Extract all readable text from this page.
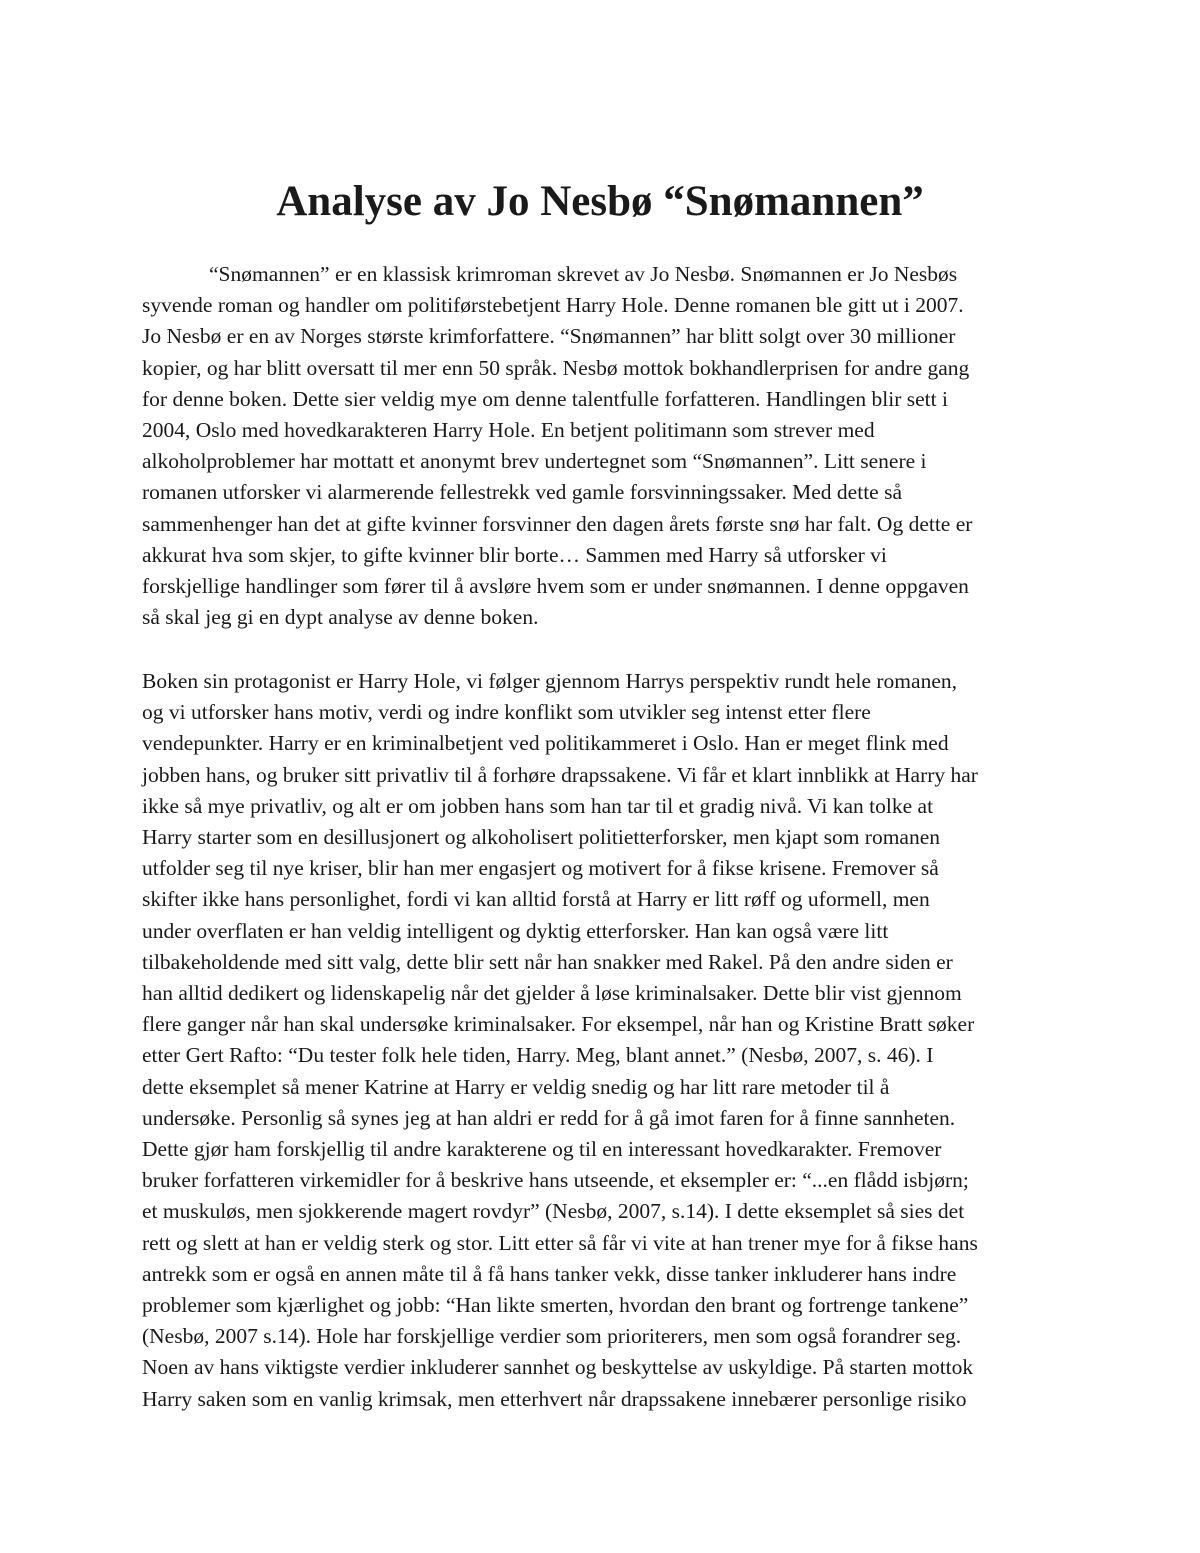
Analyse av Jo Nesbø “Snømannen”

“Snømannen” er en klassisk krimroman skrevet av Jo Nesbø. Snømannen er Jo Nesbøs
syvende roman og handler om politiførstebetjent Harry Hole. Denne romanen ble gitt ut i 2007.
Jo Nesbø er en av Norges største krimforfattere. “Snømannen” har blitt solgt over 30 millioner
kopier, og har blitt oversatt til mer enn 50 språk. Nesbø mottok bokhandlerprisen for andre gang
for denne boken. Dette sier veldig mye om denne talentfulle forfatteren. Handlingen blir sett i
2004, Oslo med hovedkarakteren Harry Hole. En betjent politimann som strever med
alkoholproblemer har mottatt et anonymt brev undertegnet som “Snømannen”. Litt senere i
romanen utforsker vi alarmerende fellestrekk ved gamle forsvinningssaker. Med dette så
sammenhenger han det at gifte kvinner forsvinner den dagen årets første snø har falt. Og dette er
akkurat hva som skjer, to gifte kvinner blir borte… Sammen med Harry så utforsker vi
forskjellige handlinger som fører til å avsløre hvem som er under snømannen. I denne oppgaven
så skal jeg gi en dypt analyse av denne boken.

Boken sin protagonist er Harry Hole, vi følger gjennom Harrys perspektiv rundt hele romanen,
og vi utforsker hans motiv, verdi og indre konflikt som utvikler seg intenst etter flere
vendepunkter. Harry er en kriminalbetjent ved politikammeret i Oslo. Han er meget flink med
jobben hans, og bruker sitt privatliv til å forhøre drapssakene. Vi får et klart innblikk at Harry har
ikke så mye privatliv, og alt er om jobben hans som han tar til et gradig nivå. Vi kan tolke at
Harry starter som en desillusjonert og alkoholisert politietterforsker, men kjapt som romanen
utfolder seg til nye kriser, blir han mer engasjert og motivert for å fikse krisene. Fremover så
skifter ikke hans personlighet, fordi vi kan alltid forstå at Harry er litt røff og uformell, men
under overflaten er han veldig intelligent og dyktig etterforsker. Han kan også være litt
tilbakeholdende med sitt valg, dette blir sett når han snakker med Rakel. På den andre siden er
han alltid dedikert og lidenskapelig når det gjelder å løse kriminalsaker. Dette blir vist gjennom
flere ganger når han skal undersøke kriminalsaker. For eksempel, når han og Kristine Bratt søker
etter Gert Rafto: “Du tester folk hele tiden, Harry. Meg, blant annet.” (Nesbø, 2007, s. 46). I
dette eksemplet så mener Katrine at Harry er veldig snedig og har litt rare metoder til å
undersøke. Personlig så synes jeg at han aldri er redd for å gå imot faren for å finne sannheten.
Dette gjør ham forskjellig til andre karakterene og til en interessant hovedkarakter. Fremover
bruker forfatteren virkemidler for å beskrive hans utseende, et eksempler er: “...en flådd isbjørn;
et muskuløs, men sjokkerende magert rovdyr” (Nesbø, 2007, s.14). I dette eksemplet så sies det
rett og slett at han er veldig sterk og stor. Litt etter så får vi vite at han trener mye for å fikse hans
antrekk som er også en annen måte til å få hans tanker vekk, disse tanker inkluderer hans indre
problemer som kjærlighet og jobb: “Han likte smerten, hvordan den brant og fortrenge tankene”
(Nesbø, 2007 s.14). Hole har forskjellige verdier som prioriterers, men som også forandrer seg.
Noen av hans viktigste verdier inkluderer sannhet og beskyttelse av uskyldige. På starten mottok
Harry saken som en vanlig krimsak, men etterhvert når drapssakene innebærer personlige risiko
